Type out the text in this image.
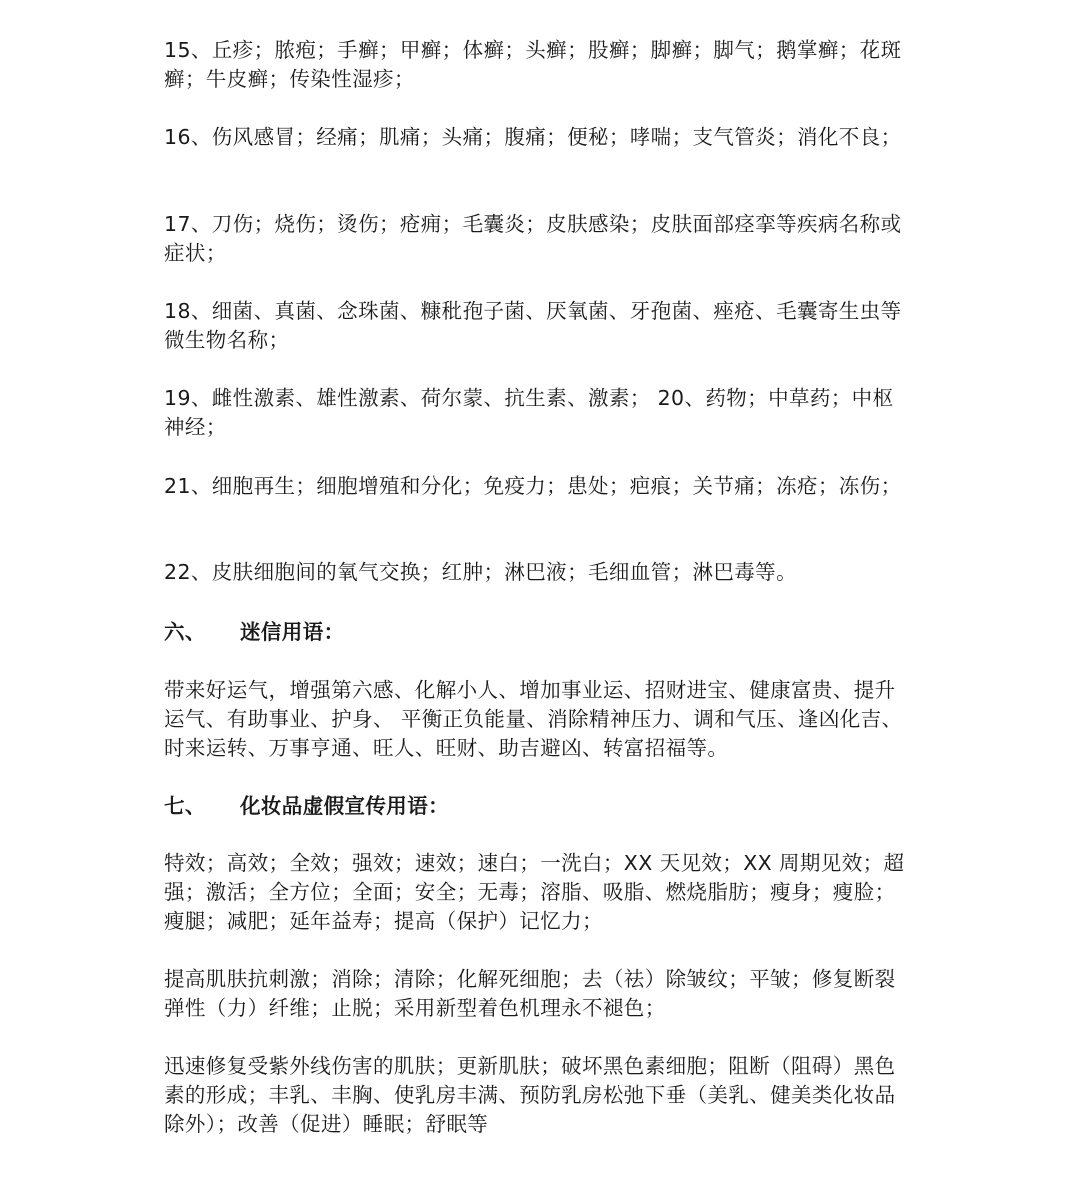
15、丘疹；脓疱；手癣；甲癣；体癣；头癣；股癣；脚癣；脚气；鹅掌癣；花斑癣；牛皮癣；传染性湿疹；

16、伤风感冒；经痛；肌痛；头痛；腹痛；便秘；哮喘；支气管炎；消化不良；

17、刀伤；烧伤；烫伤；疮痈；毛囊炎；皮肤感染；皮肤面部痉挛等疾病名称或症状；

18、细菌、真菌、念珠菌、糠秕孢子菌、厌氧菌、牙孢菌、痤疮、毛囊寄生虫等微生物名称；

19、雌性激素、雄性激素、荷尔蒙、抗生素、激素； 20、药物；中草药；中枢神经；

21、细胞再生；细胞增殖和分化；免疫力；患处；疤痕；关节痛；冻疮；冻伤；

22、皮肤细胞间的氧气交换；红肿；淋巴液；毛细血管；淋巴毒等。

六、 迷信用语：

带来好运气，增强第六感、化解小人、增加事业运、招财进宝、健康富贵、提升运气、有助事业、护身、 平衡正负能量、消除精神压力、调和气压、逢凶化吉、时来运转、万事亨通、旺人、旺财、助吉避凶、转富招福等。

七、 化妆品虚假宣传用语：

特效；高效；全效；强效；速效；速白；一洗白；XX 天见效；XX 周期见效；超强；激活；全方位；全面；安全；无毒；溶脂、吸脂、燃烧脂肪；瘦身；瘦脸；瘦腿；减肥；延年益寿；提高（保护）记忆力；

提高肌肤抗刺激；消除；清除；化解死细胞；去（祛）除皱纹；平皱；修复断裂弹性（力）纤维；止脱；采用新型着色机理永不褪色；

迅速修复受紫外线伤害的肌肤；更新肌肤；破坏黑色素细胞；阻断（阻碍）黑色素的形成；丰乳、丰胸、使乳房丰满、预防乳房松弛下垂（美乳、健美类化妆品除外）；改善（促进）睡眠；舒眠等
